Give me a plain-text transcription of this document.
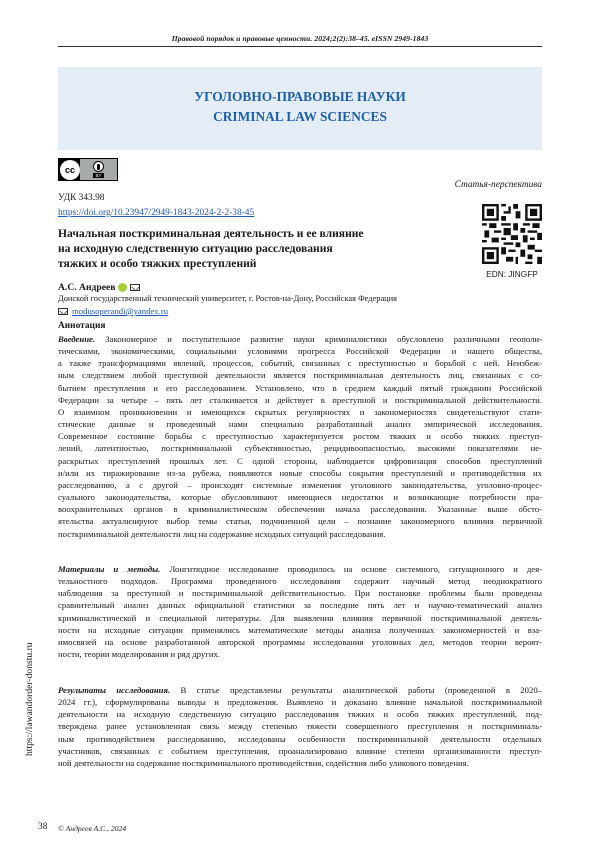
Правовой порядок и правовые ценности. 2024;2(2):38–45. eISSN 2949-1843
УГОЛОВНО-ПРАВОВЫЕ НАУКИ
CRIMINAL LAW SCIENCES
cc
BY
УДК 343.98
https://doi.org/10.23947/2949-1843-2024-2-2-38-45
Статья-перспектива
EDN: JINGFP
Начальная посткриминальная деятельность и ее влияние
на исходную следственную ситуацию расследования
тяжких и особо тяжких преступлений
А.С. Андреев
Донской государственный технический университет, г. Ростов-на-Дону, Российская Федерация
modusoperandi@yandex.ru
Аннотация
Введение. Закономерное и поступательное развитие науки криминалистики обусловлено различными геополи-
тическими, экономическими, социальными условиями прогресса Российской Федерации и нашего общества,
а также трансформациями явлений, процессов, событий, связанных с преступностью и борьбой с ней. Неизбеж-
ным следствием любой преступной деятельности является посткриминальная деятельность лиц, связанных с со-
бытием преступления и его расследованием. Установлено, что в среднем каждый пятый гражданин Российской
Федерации за четыре – пять лет сталкивается и действует в преступной и посткриминальной действительности.
О взаимном проникновении и имеющихся скрытых регулярностях и закономерностях свидетельствуют стати-
стические данные и проведенный нами специально разработанный анализ эмпирической исследования.
Современное состояние борьбы с преступностью характеризуется ростом тяжких и особо тяжких преступ-
лений, латентностью, посткриминальной субъективностью, рецидивоопасностью, высокими показателями не-
раскрытых преступлений прошлых лет. С одной стороны, наблюдается цифровизация способов преступлений
и/или их тиражирование из-за рубежа, появляются новые способы сокрытия преступлений и противодействия их
расследованию, а с другой – происходят системные изменения уголовного законодательства, уголовно-процес-
суального законодательства, которые обусловливают имеющиеся недостатки и возникающие потребности пра-
воохранительных органов в криминалистическом обеспечении начала расследования. Указанные выше обсто-
ятельства актуализируют выбор темы статьи, подчиненной цели – познание закономерного влияния первичной
посткриминальной деятельности лиц на содержание исходных ситуаций расследования.
Материалы и методы. Лонгитюдное исследование проводилось на основе системного, ситуационного и дея-
тельностного подходов. Программа проведенного исследования содержит научный метод неоднократного
наблюдения за преступной и посткриминальной действительностью. При постановке проблемы были проведены
сравнительный анализ данных официальной статистики за последние пять лет и научно-тематический анализ
криминалистической и специальной литературы. Для выявления влияния первичной посткриминальной деятель-
ности на исходные ситуации применялись математические методы анализа полученных закономерностей и вза-
имосвязей на основе разработанной авторской программы исследования уголовных дел, методов теории вероят-
ности, теории моделирования и ряд других.
Результаты исследования. В статье представлены результаты аналитической работы (проведенной в 2020–
2024 гг.), сформулированы выводы и предложения. Выявлено и доказано влияние начальной посткриминальной
деятельности на исходную следственную ситуацию расследования тяжких и особо тяжких преступлений, под-
тверждена ранее установленная связь между степенью тяжести совершенного преступления и посткриминаль-
ным противодействием расследованию, исследованы особенности посткриминальной деятельности отдельных
участников, связанных с событием преступления, проанализировано влияние степени организованности преступ-
ной деятельности на содержание посткриминального противодействия, содействия либо уликового поведения.
https://lawandorder-donstu.ru
38 © Андреев А.С., 2024
